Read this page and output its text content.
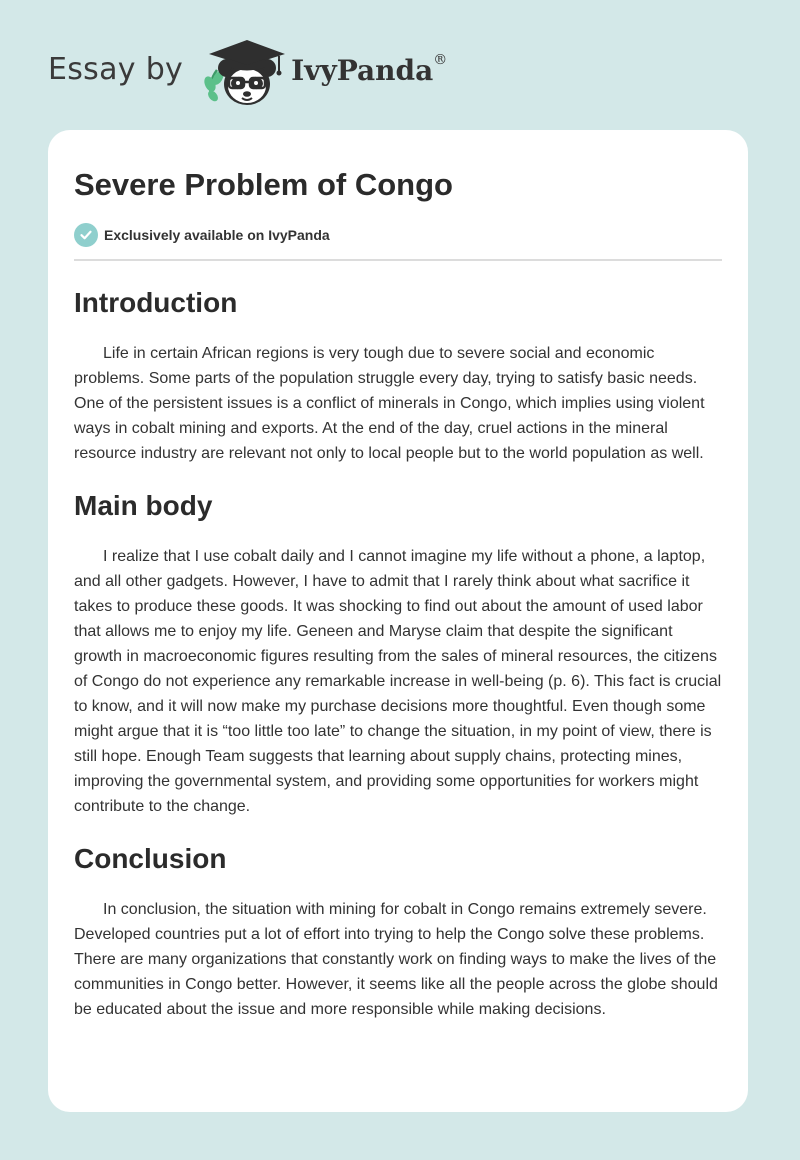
Essay by	IvyPanda®
Severe Problem of Congo
Exclusively available on IvyPanda
Introduction

Life in certain African regions is very tough due to severe social and economic problems. Some parts of the population struggle every day, trying to satisfy basic needs. One of the persistent issues is a conflict of minerals in Congo, which implies using violent ways in cobalt mining and exports. At the end of the day, cruel actions in the mineral resource industry are relevant not only to local people but to the world population as well.

Main body

I realize that I use cobalt daily and I cannot imagine my life without a phone, a laptop, and all other gadgets. However, I have to admit that I rarely think about what sacrifice it takes to produce these goods. It was shocking to find out about the amount of used labor that allows me to enjoy my life. Geneen and Maryse claim that despite the significant growth in macroeconomic figures resulting from the sales of mineral resources, the citizens of Congo do not experience any remarkable increase in well-being (p. 6). This fact is crucial to know, and it will now make my purchase decisions more thoughtful. Even though some might argue that it is “too little too late” to change the situation, in my point of view, there is still hope. Enough Team suggests that learning about supply chains, protecting mines, improving the governmental system, and providing some opportunities for workers might contribute to the change.

Conclusion

In conclusion, the situation with mining for cobalt in Congo remains extremely severe. Developed countries put a lot of effort into trying to help the Congo solve these problems. There are many organizations that constantly work on finding ways to make the lives of the communities in Congo better. However, it seems like all the people across the globe should be educated about the issue and more responsible while making decisions.
